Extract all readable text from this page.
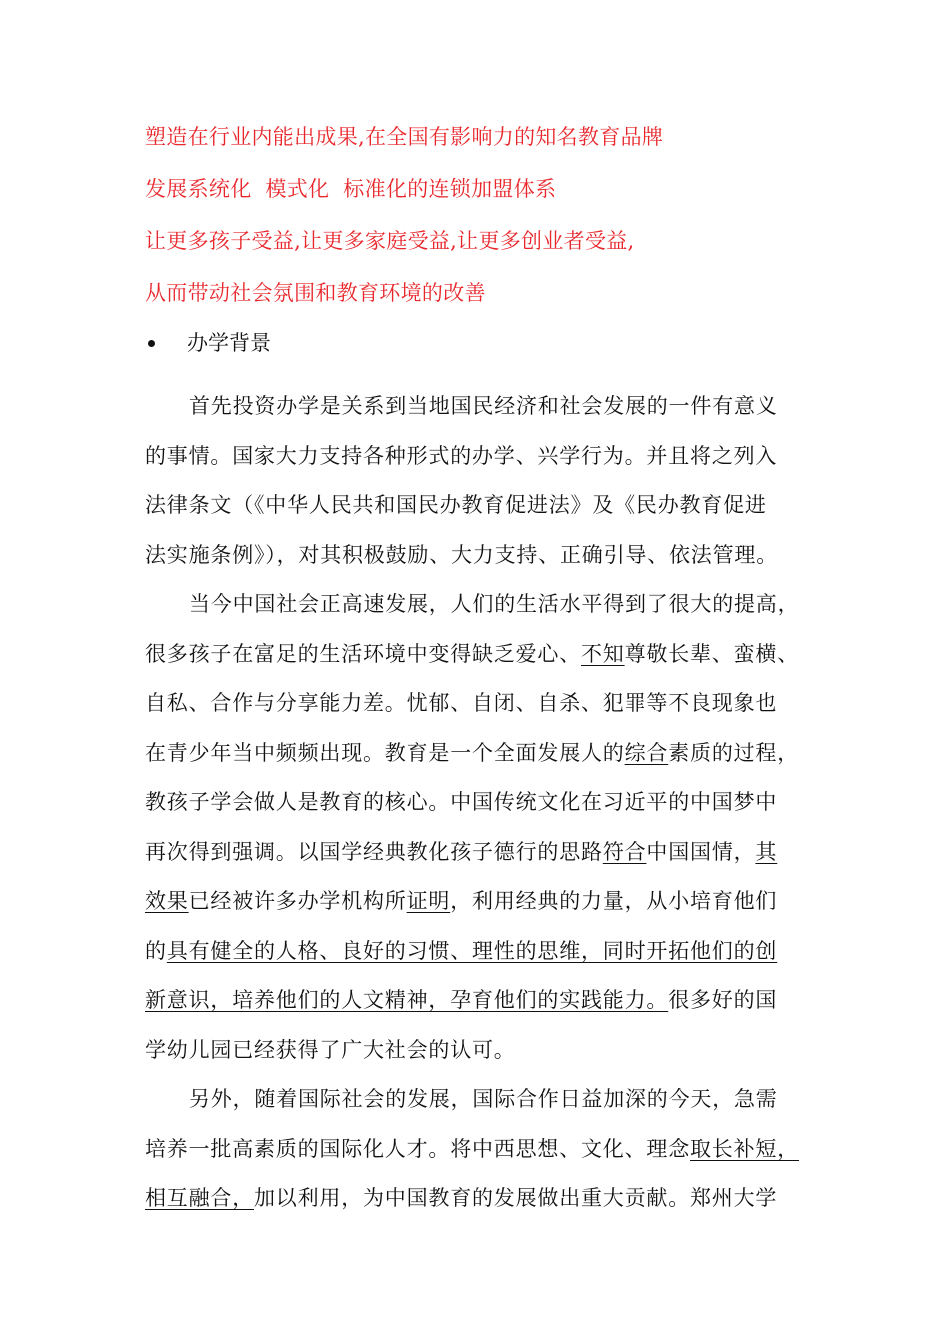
塑造在行业内能出成果,在全国有影响力的知名教育品牌
发展系统化  模式化  标准化的连锁加盟体系
让更多孩子受益,让更多家庭受益,让更多创业者受益,
从而带动社会氛围和教育环境的改善
办学背景
首先投资办学是关系到当地国民经济和社会发展的一件有意义
的事情。国家大力支持各种形式的办学、兴学行为。并且将之列入
法律条文（《中华人民共和国民办教育促进法》及《民办教育促进
法实施条例》），对其积极鼓励、大力支持、正确引导、依法管理。
当今中国社会正高速发展，人们的生活水平得到了很大的提高，
很多孩子在富足的生活环境中变得缺乏爱心、不知尊敬长辈、蛮横、
自私、合作与分享能力差。忧郁、自闭、自杀、犯罪等不良现象也
在青少年当中频频出现。教育是一个全面发展人的综合素质的过程，
教孩子学会做人是教育的核心。中国传统文化在习近平的中国梦中
再次得到强调。以国学经典教化孩子德行的思路符合中国国情，其
效果已经被许多办学机构所证明，利用经典的力量，从小培育他们
的具有健全的人格、良好的习惯、理性的思维，同时开拓他们的创
新意识，培养他们的人文精神，孕育他们的实践能力。很多好的国
学幼儿园已经获得了广大社会的认可。
另外，随着国际社会的发展，国际合作日益加深的今天，急需
培养一批高素质的国际化人才。将中西思想、文化、理念取长补短，
相互融合，加以利用，为中国教育的发展做出重大贡献。郑州大学
